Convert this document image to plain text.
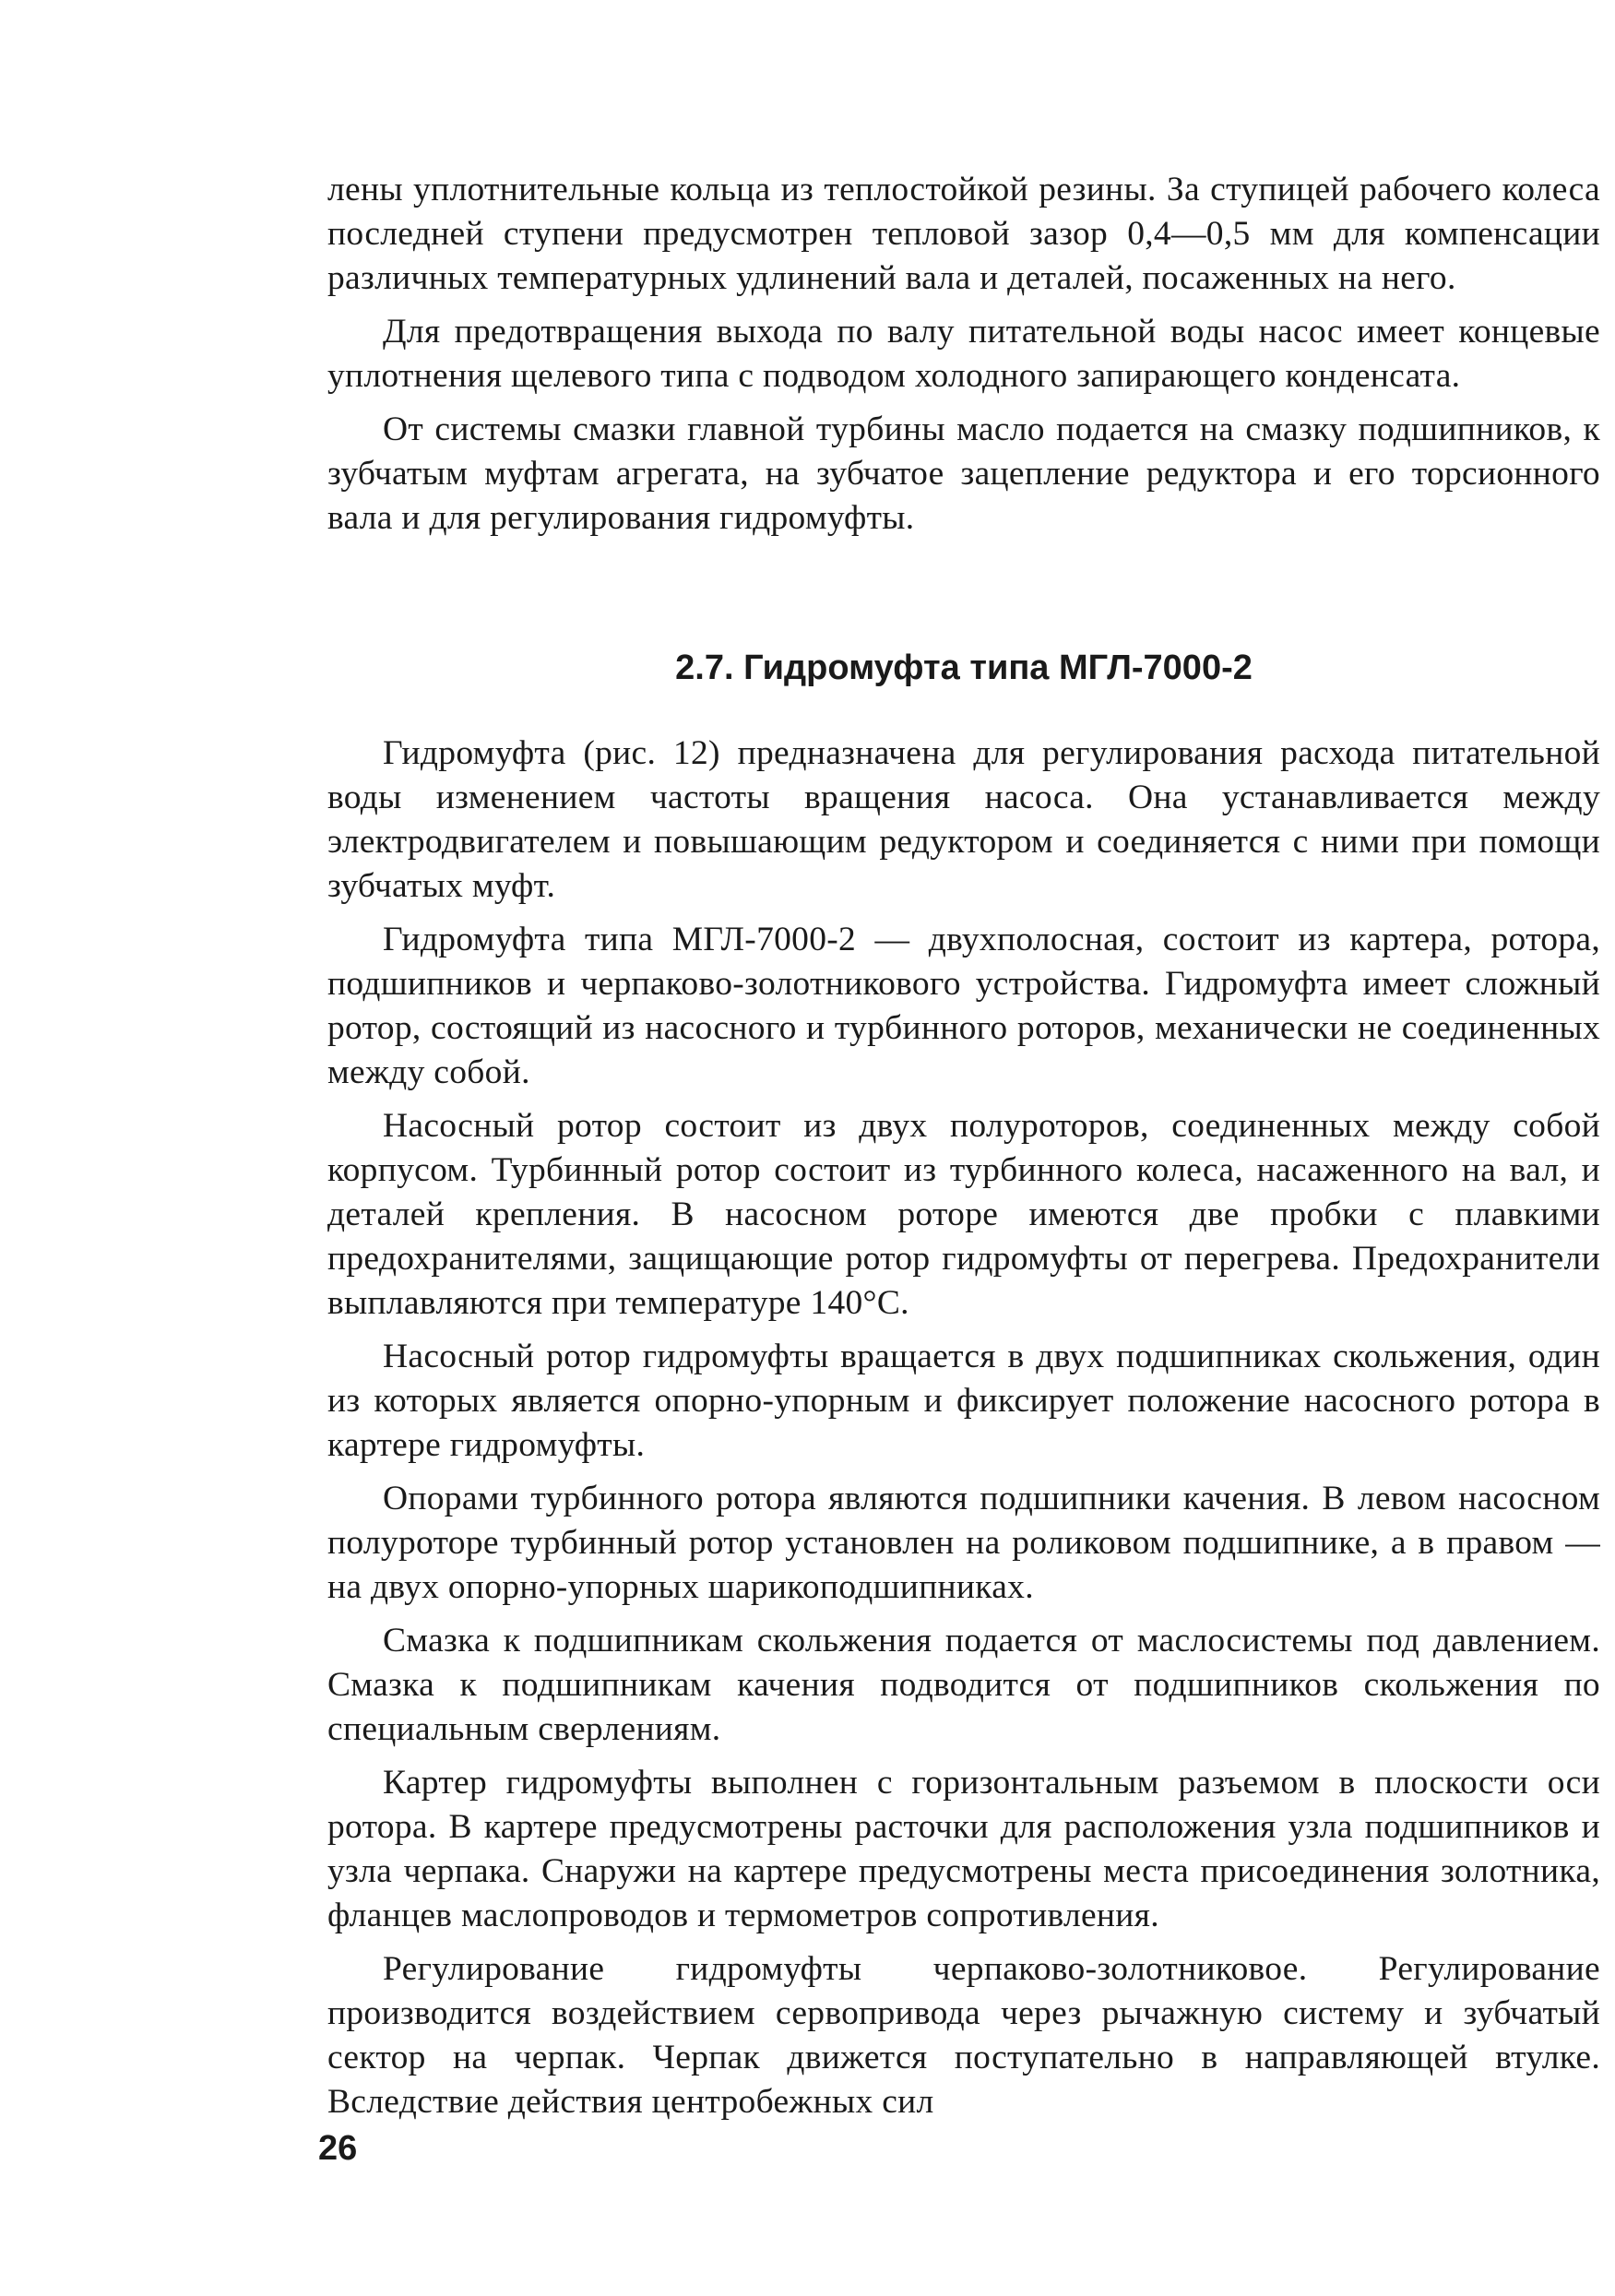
лены уплотнительные кольца из теплостойкой резины. За ступицей рабочего колеса последней ступени предусмотрен тепловой зазор 0,4—0,5 мм для компенсации различных температурных удлинений вала и деталей, посаженных на него.

Для предотвращения выхода по валу питательной воды насос имеет концевые уплотнения щелевого типа с подводом холодного запирающего конденсата.

От системы смазки главной турбины масло подается на смазку подшипников, к зубчатым муфтам агрегата, на зубчатое зацепление редуктора и его торсионного вала и для регулирования гидромуфты.

2.7. Гидромуфта типа МГЛ-7000-2

Гидромуфта (рис. 12) предназначена для регулирования расхода питательной воды изменением частоты вращения насоса. Она устанавливается между электродвигателем и повышающим редуктором и соединяется с ними при помощи зубчатых муфт.

Гидромуфта типа МГЛ-7000-2 — двухполосная, состоит из картера, ротора, подшипников и черпаково-золотникового устройства. Гидромуфта имеет сложный ротор, состоящий из насосного и турбинного роторов, механически не соединенных между собой.

Насосный ротор состоит из двух полуроторов, соединенных между собой корпусом. Турбинный ротор состоит из турбинного колеса, насаженного на вал, и деталей крепления. В насосном роторе имеются две пробки с плавкими предохранителями, защищающие ротор гидромуфты от перегрева. Предохранители выплавляются при температуре 140°С.

Насосный ротор гидромуфты вращается в двух подшипниках скольжения, один из которых является опорно-упорным и фиксирует положение насосного ротора в картере гидромуфты.

Опорами турбинного ротора являются подшипники качения. В левом насосном полуроторе турбинный ротор установлен на роликовом подшипнике, а в правом — на двух опорно-упорных шарикоподшипниках.

Смазка к подшипникам скольжения подается от маслосистемы под давлением. Смазка к подшипникам качения подводится от подшипников скольжения по специальным сверлениям.

Картер гидромуфты выполнен с горизонтальным разъемом в плоскости оси ротора. В картере предусмотрены расточки для расположения узла подшипников и узла черпака. Снаружи на картере предусмотрены места присоединения золотника, фланцев маслопроводов и термометров сопротивления.

Регулирование гидромуфты черпаково-золотниковое. Регулирование производится воздействием сервопривода через рычажную систему и зубчатый сектор на черпак. Черпак движется поступательно в направляющей втулке. Вследствие действия центробежных сил

26
